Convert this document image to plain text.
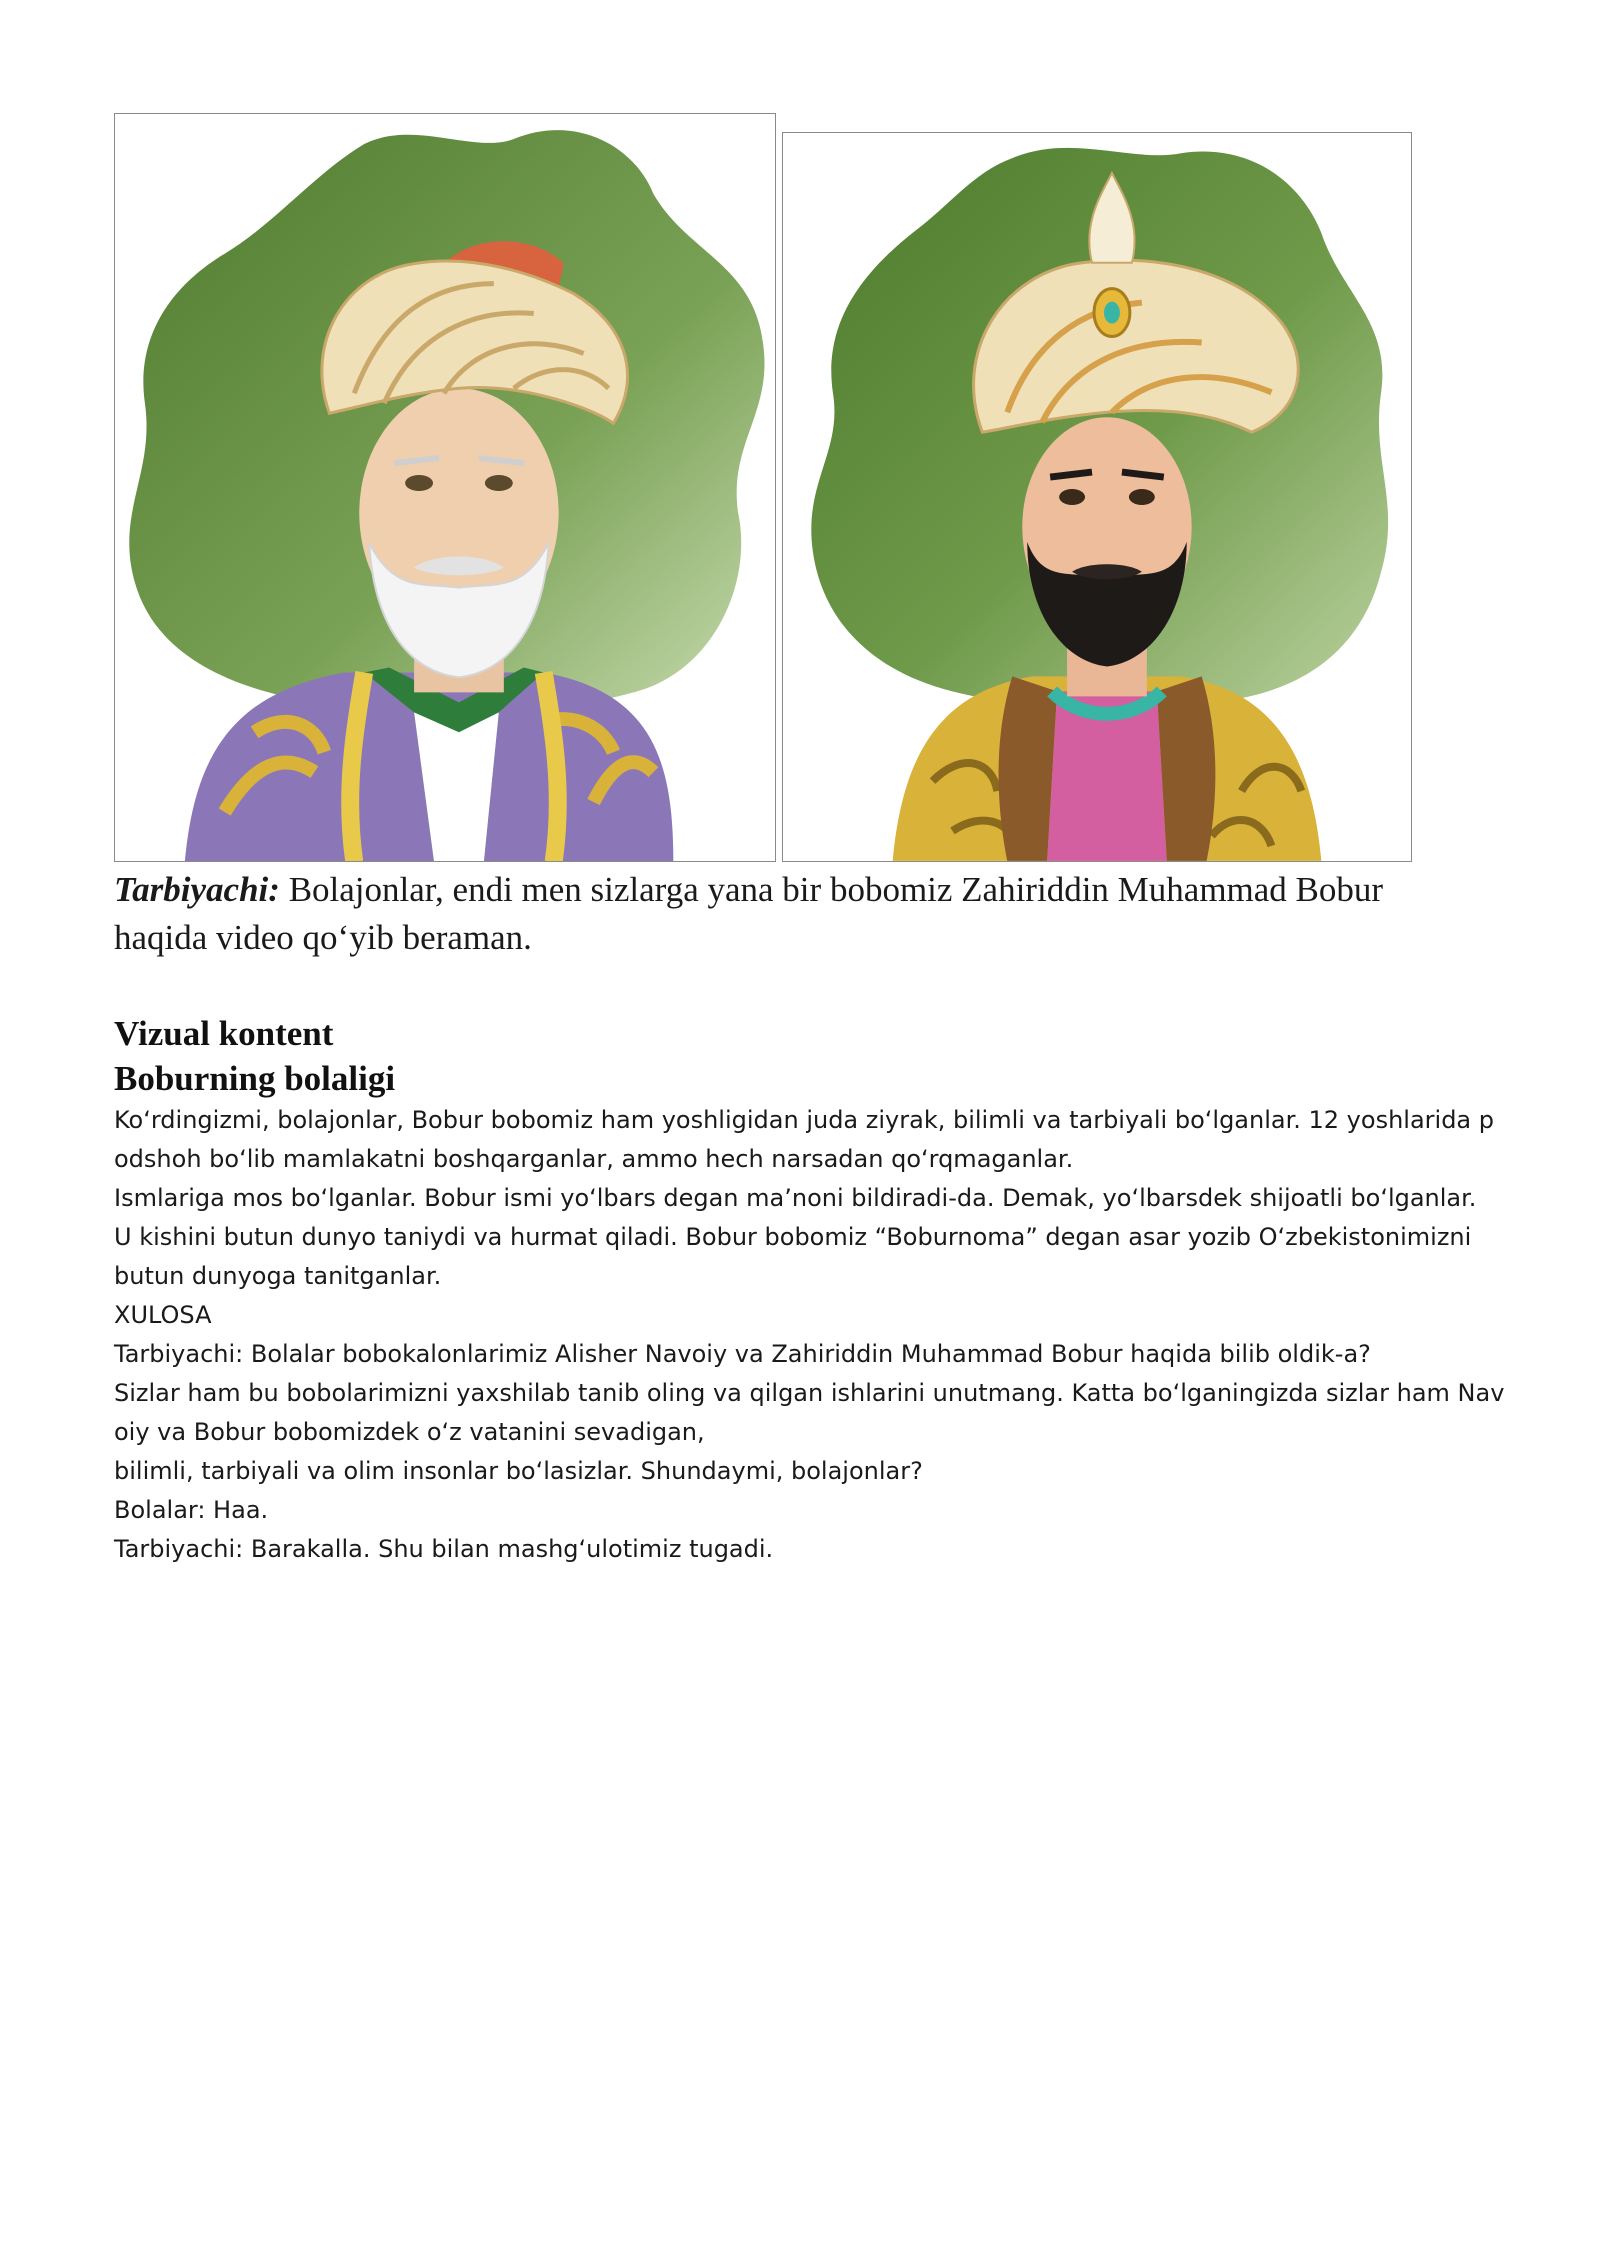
Tarbiyachi: Bolajonlar, endi men sizlarga yana bir bobomiz Zahiriddin Muhammad Bobur
haqida video qo‘yib beraman.
Vizual kontent
Boburning bolaligi
Ko‘rdingizmi, bolajonlar, Bobur bobomiz ham yoshligidan juda ziyrak, bilimli va tarbiyali bo‘lganlar. 12 yoshlarida p
odshoh bo‘lib mamlakatni boshqarganlar, ammo hech narsadan qo‘rqmaganlar.
Ismlariga mos bo‘lganlar. Bobur ismi yo‘lbars degan ma’noni bildiradi-da. Demak, yo‘lbarsdek shijoatli bo‘lganlar.
U kishini butun dunyo taniydi va hurmat qiladi. Bobur bobomiz “Boburnoma” degan asar yozib O‘zbekistonimizni
butun dunyoga tanitganlar.
XULOSA
Tarbiyachi: Bolalar bobokalonlarimiz Alisher Navoiy va Zahiriddin Muhammad Bobur haqida bilib oldik-a?
Sizlar ham bu bobolarimizni yaxshilab tanib oling va qilgan ishlarini unutmang. Katta bo‘lganingizda sizlar ham Nav
oiy va Bobur bobomizdek o‘z vatanini sevadigan,
bilimli, tarbiyali va olim insonlar bo‘lasizlar. Shundaymi, bolajonlar?
Bolalar: Haa.
Tarbiyachi: Barakalla. Shu bilan mashg‘ulotimiz tugadi.
